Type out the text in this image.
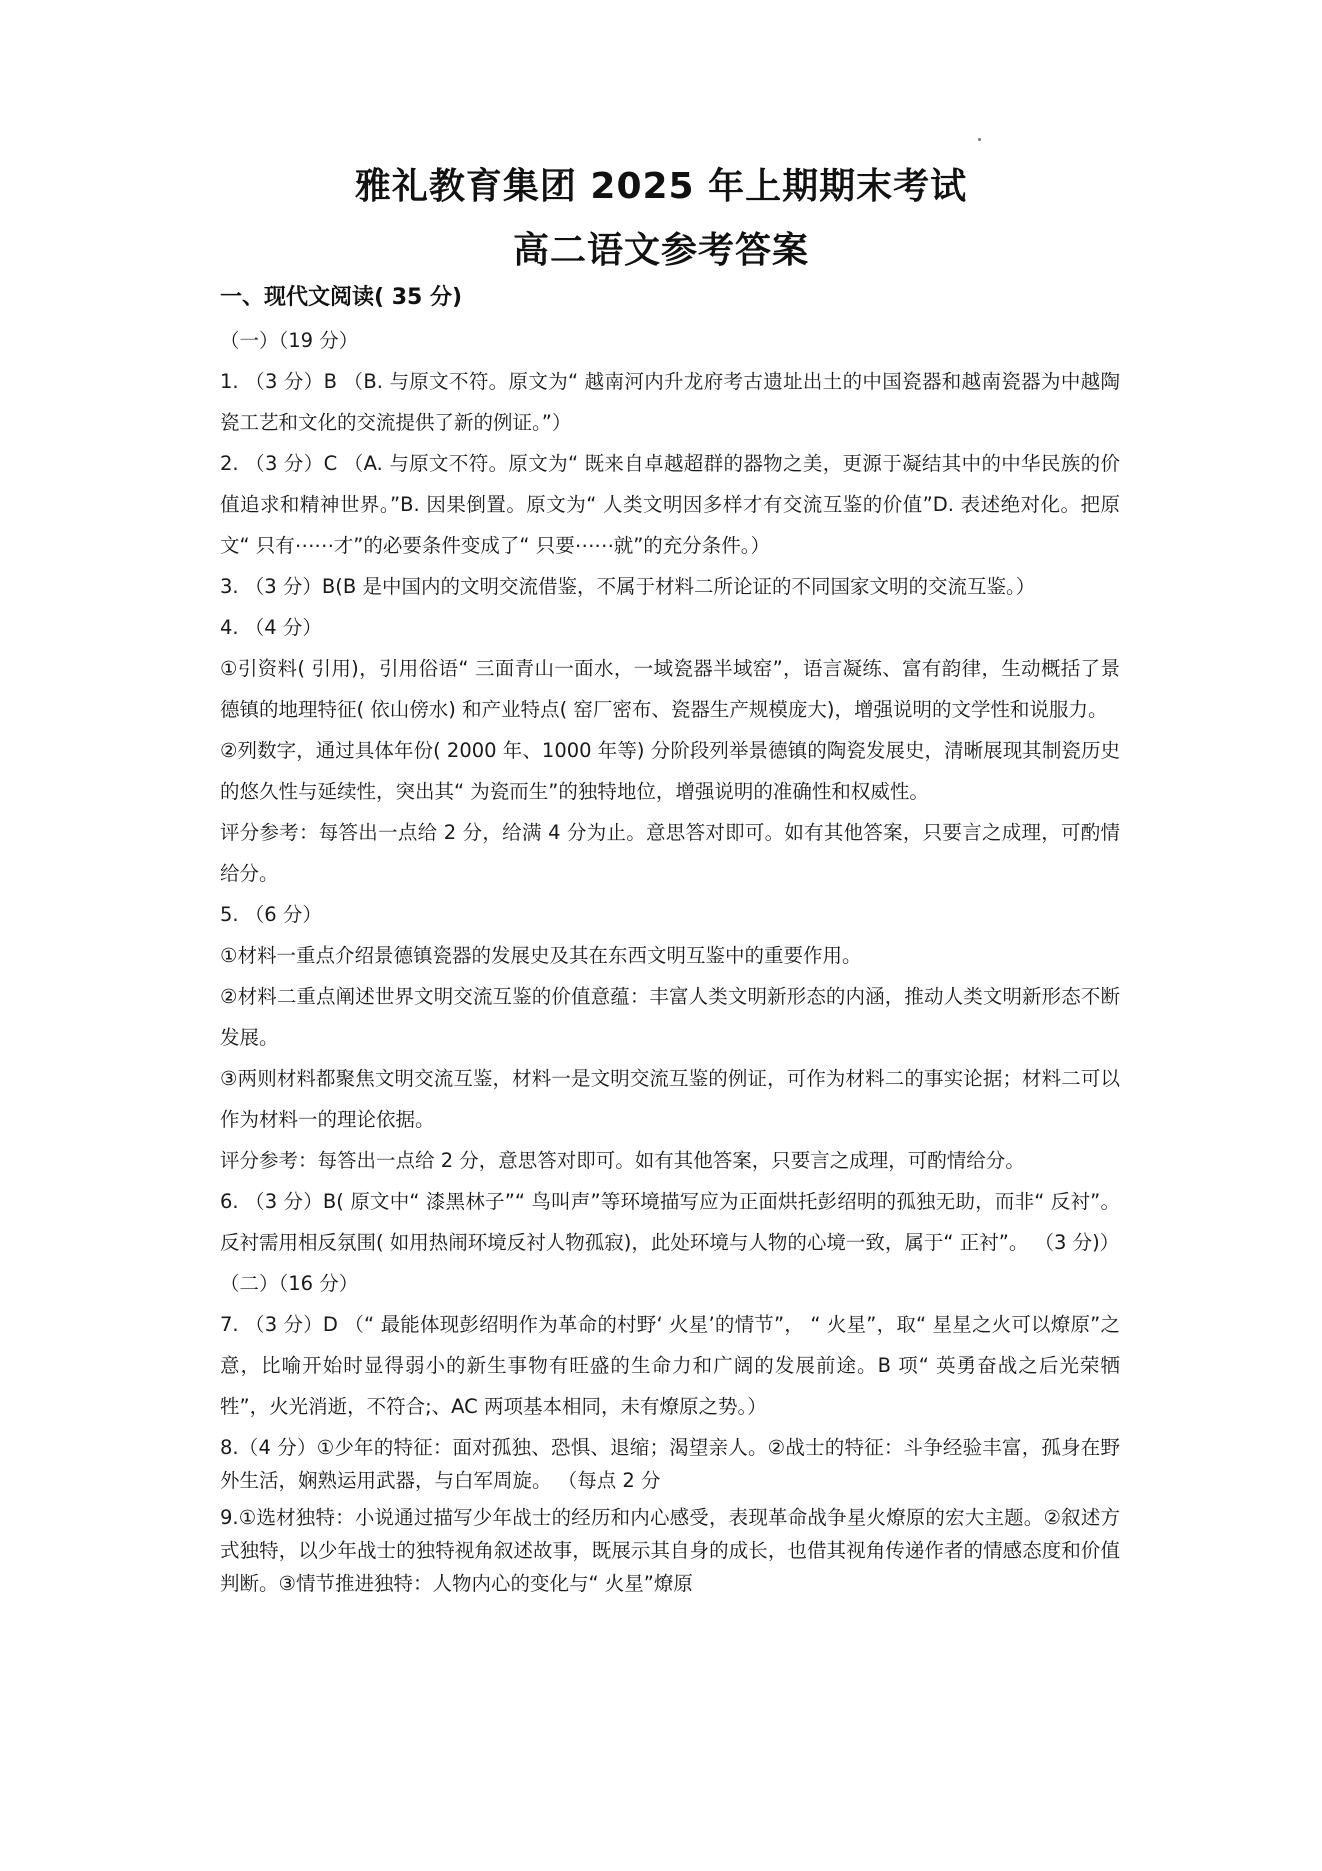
雅礼教育集团 2025 年上期期末考试
高二语文参考答案
一、现代文阅读( 35 分)

（一）（19 分）

1. （3 分）B （B. 与原文不符。原文为“ 越南河内升龙府考古遗址出土的中国瓷器和越南瓷器为中越陶瓷工艺和文化的交流提供了新的例证。”）

2. （3 分）C （A. 与原文不符。原文为“ 既来自卓越超群的器物之美，更源于凝结其中的中华民族的价值追求和精神世界。”B. 因果倒置。原文为“ 人类文明因多样才有交流互鉴的价值”D. 表述绝对化。把原文“ 只有⋯⋯才”的必要条件变成了“ 只要⋯⋯就”的充分条件。）

3. （3 分）B(B 是中国内的文明交流借鉴，不属于材料二所论证的不同国家文明的交流互鉴。）

4. （4 分）

①引资料( 引用)，引用俗语“ 三面青山一面水，一域瓷器半域窑”，语言凝练、富有韵律，生动概括了景德镇的地理特征( 依山傍水) 和产业特点( 窑厂密布、瓷器生产规模庞大)，增强说明的文学性和说服力。

②列数字，通过具体年份( 2000 年、1000 年等) 分阶段列举景德镇的陶瓷发展史，清晰展现其制瓷历史的悠久性与延续性，突出其“ 为瓷而生”的独特地位，增强说明的准确性和权威性。

评分参考：每答出一点给 2 分，给满 4 分为止。意思答对即可。如有其他答案，只要言之成理，可酌情给分。

5. （6 分）

①材料一重点介绍景德镇瓷器的发展史及其在东西文明互鉴中的重要作用。

②材料二重点阐述世界文明交流互鉴的价值意蕴：丰富人类文明新形态的内涵，推动人类文明新形态不断发展。

③两则材料都聚焦文明交流互鉴，材料一是文明交流互鉴的例证，可作为材料二的事实论据；材料二可以作为材料一的理论依据。

评分参考：每答出一点给 2 分，意思答对即可。如有其他答案，只要言之成理，可酌情给分。

6. （3 分）B( 原文中“ 漆黑林子”“ 鸟叫声”等环境描写应为正面烘托彭绍明的孤独无助，而非“ 反衬”。反衬需用相反氛围( 如用热闹环境反衬人物孤寂)，此处环境与人物的心境一致，属于“ 正衬”。 （3 分)）

（二）（16 分）

7. （3 分）D （“ 最能体现彭绍明作为革命的村野‘ 火星’的情节”， “ 火星”，取“ 星星之火可以燎原”之意，比喻开始时显得弱小的新生事物有旺盛的生命力和广阔的发展前途。B 项“ 英勇奋战之后光荣牺牲”，火光消逝，不符合;、AC 两项基本相同，未有燎原之势。）

8.（4 分）①少年的特征：面对孤独、恐惧、退缩；渴望亲人。②战士的特征：斗争经验丰富，孤身在野外生活，娴熟运用武器，与白军周旋。 （每点 2 分

9.①选材独特：小说通过描写少年战士的经历和内心感受，表现革命战争星火燎原的宏大主题。②叙述方式独特，以少年战士的独特视角叙述故事，既展示其自身的成长，也借其视角传递作者的情感态度和价值判断。③情节推进独特：人物内心的变化与“ 火星”燎原
